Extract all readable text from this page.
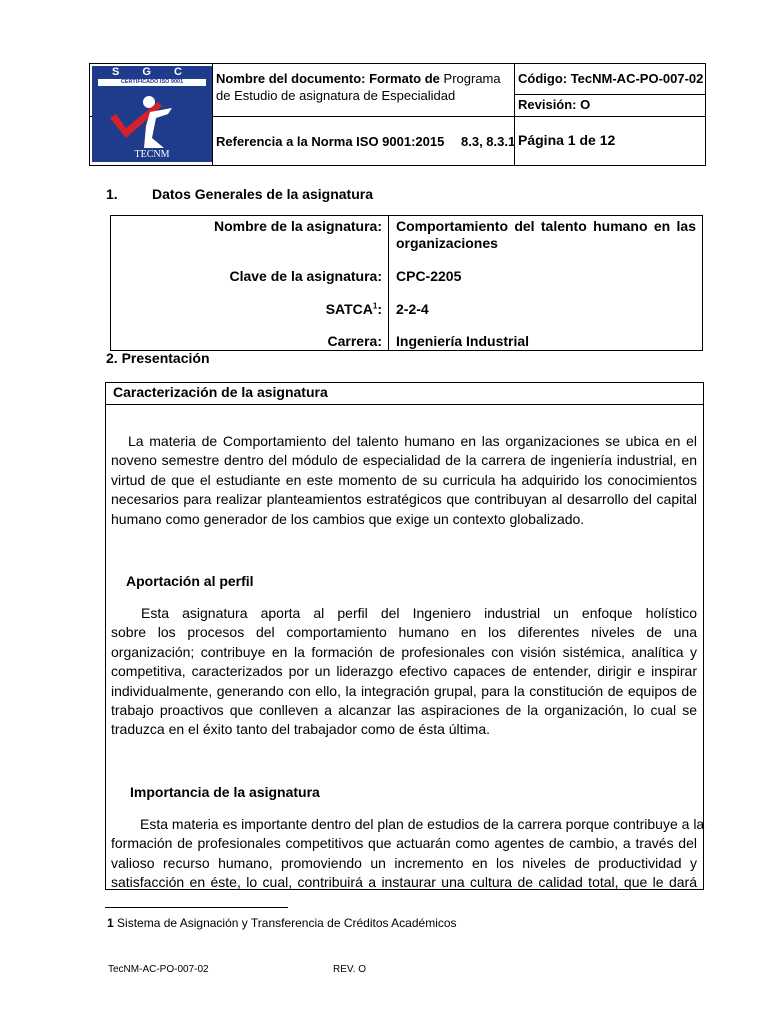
S G C
CERTIFICADO ISO 9001
TECNM
Nombre del documento: Formato de Programa
de Estudio de asignatura de Especialidad
Código: TecNM-AC-PO-007-02
Revisión: O
Referencia a la Norma ISO 9001:2015 8.3, 8.3.1 Página 1 de 12
1. Datos Generales de la asignatura
Nombre de la asignatura: Comportamiento del talento humano en las organizaciones
Clave de la asignatura: CPC-2205
SATCA$^1$: 2-2-4
Carrera: Ingeniería Industrial
2. Presentación
Caracterización de la asignatura
La materia de Comportamiento del talento humano en las organizaciones se ubica en el
noveno semestre dentro del módulo de especialidad de la carrera de ingeniería industrial, en
virtud de que el estudiante en este momento de su curricula ha adquirido los conocimientos
necesarios para realizar planteamientos estratégicos que contribuyan al desarrollo del capital
humano como generador de los cambios que exige un contexto globalizado.
Aportación al perfil
Esta asignatura aporta al perfil del Ingeniero industrial un enfoque holístico
sobre los procesos del comportamiento humano en los diferentes niveles de una
organización; contribuye en la formación de profesionales con visión sistémica, analítica y
competitiva, caracterizados por un liderazgo efectivo capaces de entender, dirigir e inspirar
individualmente, generando con ello, la integración grupal, para la constitución de equipos de
trabajo proactivos que conlleven a alcanzar las aspiraciones de la organización, lo cual se
traduzca en el éxito tanto del trabajador como de ésta última.
Importancia de la asignatura
Esta materia es importante dentro del plan de estudios de la carrera porque contribuye a la
formación de profesionales competitivos que actuarán como agentes de cambio, a través del
valioso recurso humano, promoviendo un incremento en los niveles de productividad y
satisfacción en éste, lo cual, contribuirá a instaurar una cultura de calidad total, que le dará
1 Sistema de Asignación y Transferencia de Créditos Académicos
TecNM-AC-PO-007-02	REV. O
